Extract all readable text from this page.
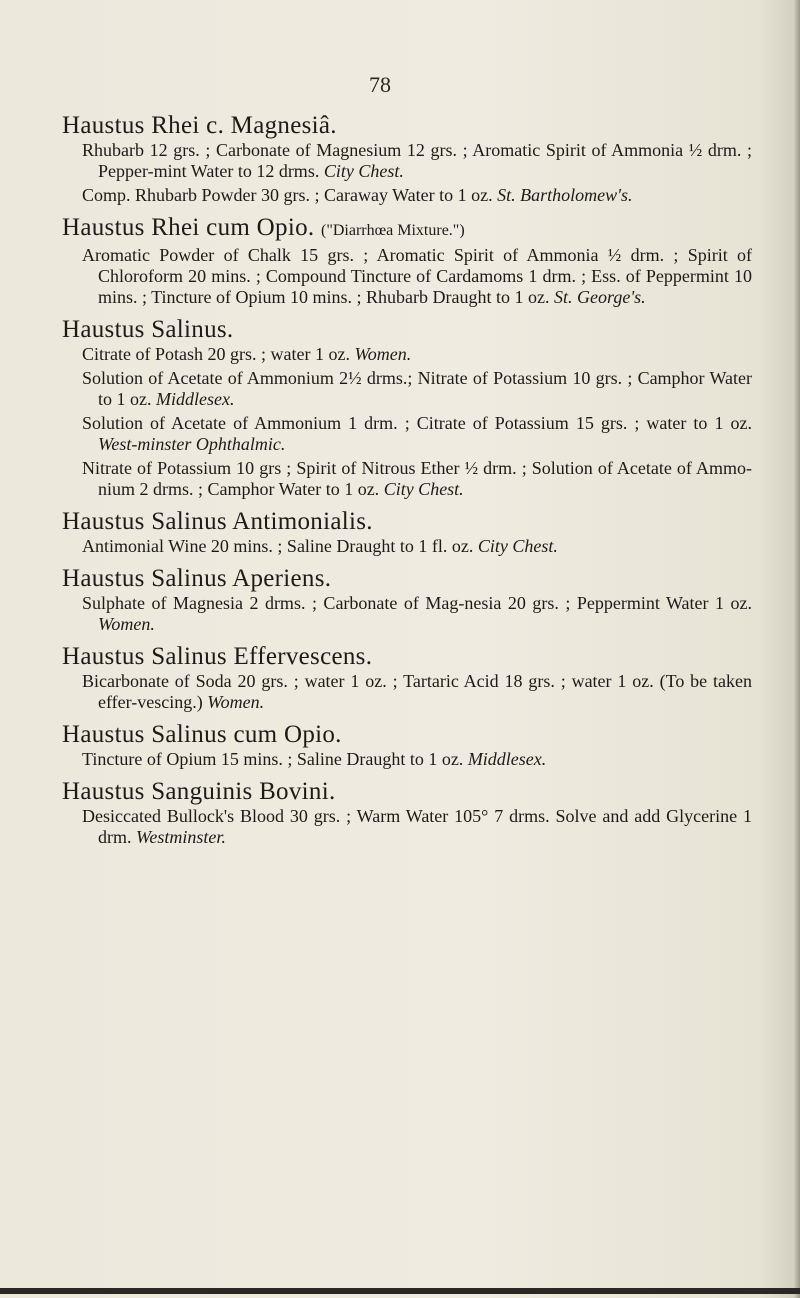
78
Haustus Rhei c. Magnesiâ.
Rhubarb 12 grs. ; Carbonate of Magnesium 12 grs. ; Aromatic Spirit of Ammonia ½ drm. ; Pepper-mint Water to 12 drms. City Chest.
Comp. Rhubarb Powder 30 grs. ; Caraway Water to 1 oz. St. Bartholomew's.
Haustus Rhei cum Opio. ("Diarrhœa Mixture.")
Aromatic Powder of Chalk 15 grs. ; Aromatic Spirit of Ammonia ½ drm. ; Spirit of Chloroform 20 mins. ; Compound Tincture of Cardamoms 1 drm. ; Ess. of Peppermint 10 mins. ; Tincture of Opium 10 mins. ; Rhubarb Draught to 1 oz. St. George's.
Haustus Salinus.
Citrate of Potash 20 grs. ; water 1 oz. Women.
Solution of Acetate of Ammonium 2½ drms.; Nitrate of Potassium 10 grs. ; Camphor Water to 1 oz. Middlesex.
Solution of Acetate of Ammonium 1 drm. ; Citrate of Potassium 15 grs. ; water to 1 oz. West-minster Ophthalmic.
Nitrate of Potassium 10 grs ; Spirit of Nitrous Ether ½ drm. ; Solution of Acetate of Ammo-nium 2 drms. ; Camphor Water to 1 oz. City Chest.
Haustus Salinus Antimonialis.
Antimonial Wine 20 mins. ; Saline Draught to 1 fl. oz. City Chest.
Haustus Salinus Aperiens.
Sulphate of Magnesia 2 drms. ; Carbonate of Mag-nesia 20 grs. ; Peppermint Water 1 oz. Women.
Haustus Salinus Effervescens.
Bicarbonate of Soda 20 grs. ; water 1 oz. ; Tartaric Acid 18 grs. ; water 1 oz. (To be taken effer-vescing.) Women.
Haustus Salinus cum Opio.
Tincture of Opium 15 mins. ; Saline Draught to 1 oz. Middlesex.
Haustus Sanguinis Bovini.
Desiccated Bullock's Blood 30 grs. ; Warm Water 105° 7 drms. Solve and add Glycerine 1 drm. Westminster.
